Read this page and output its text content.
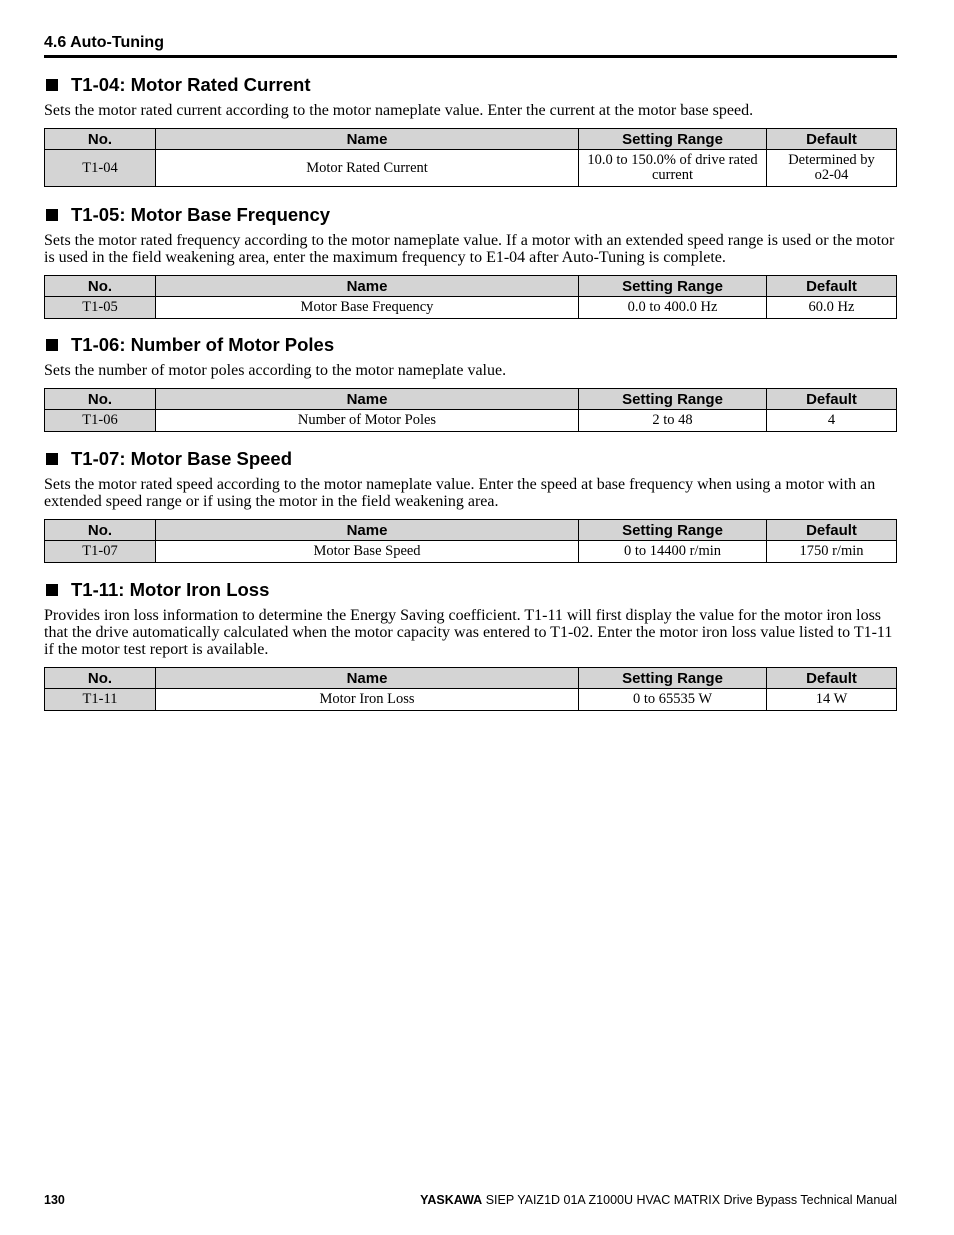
4.6 Auto-Tuning
T1-04: Motor Rated Current
Sets the motor rated current according to the motor nameplate value. Enter the current at the motor base speed.
No.	Name	Setting Range	Default
T1-04	Motor Rated Current	10.0 to 150.0% of drive rated current	Determined by o2-04
T1-05: Motor Base Frequency
Sets the motor rated frequency according to the motor nameplate value. If a motor with an extended speed range is used or the motor is used in the field weakening area, enter the maximum frequency to E1-04 after Auto-Tuning is complete.
No.	Name	Setting Range	Default
T1-05	Motor Base Frequency	0.0 to 400.0 Hz	60.0 Hz
T1-06: Number of Motor Poles
Sets the number of motor poles according to the motor nameplate value.
No.	Name	Setting Range	Default
T1-06	Number of Motor Poles	2 to 48	4
T1-07: Motor Base Speed
Sets the motor rated speed according to the motor nameplate value. Enter the speed at base frequency when using a motor with an extended speed range or if using the motor in the field weakening area.
No.	Name	Setting Range	Default
T1-07	Motor Base Speed	0 to 14400 r/min	1750 r/min
T1-11: Motor Iron Loss
Provides iron loss information to determine the Energy Saving coefficient. T1-11 will first display the value for the motor iron loss that the drive automatically calculated when the motor capacity was entered to T1-02. Enter the motor iron loss value listed to T1-11 if the motor test report is available.
No.	Name	Setting Range	Default
T1-11	Motor Iron Loss	0 to 65535 W	14 W
130	YASKAWA SIEP YAIZ1D 01A Z1000U HVAC MATRIX Drive Bypass Technical Manual
